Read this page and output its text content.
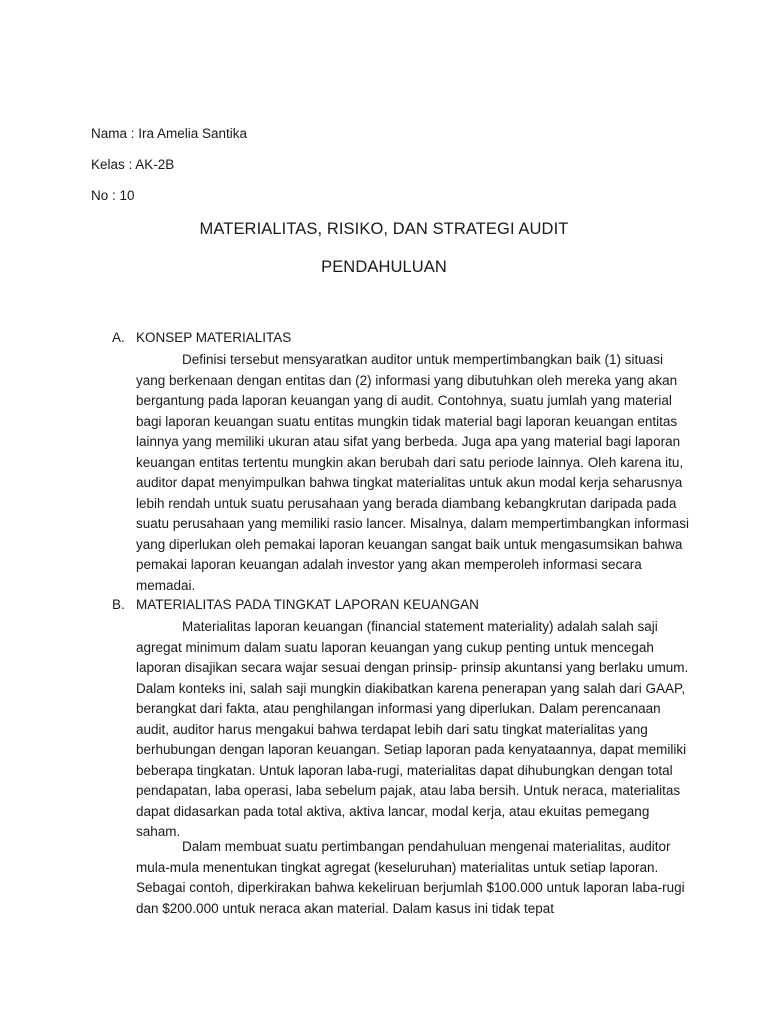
Nama : Ira Amelia Santika
Kelas : AK-2B
No : 10
MATERIALITAS, RISIKO, DAN STRATEGI AUDIT
PENDAHULUAN
A. KONSEP MATERIALITAS

Definisi tersebut mensyaratkan auditor untuk mempertimbangkan baik (1) situasi yang berkenaan dengan entitas dan (2) informasi yang dibutuhkan oleh mereka yang akan bergantung pada laporan keuangan yang di audit. Contohnya, suatu jumlah yang material bagi laporan keuangan suatu entitas mungkin tidak material bagi laporan keuangan entitas lainnya yang memiliki ukuran atau sifat yang berbeda. Juga apa yang material bagi laporan keuangan entitas tertentu mungkin akan berubah dari satu periode lainnya. Oleh karena itu, auditor dapat menyimpulkan bahwa tingkat materialitas untuk akun modal kerja seharusnya lebih rendah untuk suatu perusahaan yang berada diambang kebangkrutan daripada pada suatu perusahaan yang memiliki rasio lancer. Misalnya, dalam mempertimbangkan informasi yang diperlukan oleh pemakai laporan keuangan sangat baik untuk mengasumsikan bahwa pemakai laporan keuangan adalah investor yang akan memperoleh informasi secara memadai.

B. MATERIALITAS PADA TINGKAT LAPORAN KEUANGAN

Materialitas laporan keuangan (financial statement materiality) adalah salah saji agregat minimum dalam suatu laporan keuangan yang cukup penting untuk mencegah laporan disajikan secara wajar sesuai dengan prinsip- prinsip akuntansi yang berlaku umum. Dalam konteks ini, salah saji mungkin diakibatkan karena penerapan yang salah dari GAAP, berangkat dari fakta, atau penghilangan informasi yang diperlukan. Dalam perencanaan audit, auditor harus mengakui bahwa terdapat lebih dari satu tingkat materialitas yang berhubungan dengan laporan keuangan. Setiap laporan pada kenyataannya, dapat memiliki beberapa tingkatan. Untuk laporan laba-rugi, materialitas dapat dihubungkan dengan total pendapatan, laba operasi, laba sebelum pajak, atau laba bersih. Untuk neraca, materialitas dapat didasarkan pada total aktiva, aktiva lancar, modal kerja, atau ekuitas pemegang saham.

Dalam membuat suatu pertimbangan pendahuluan mengenai materialitas, auditor mula-mula menentukan tingkat agregat (keseluruhan) materialitas untuk setiap laporan. Sebagai contoh, diperkirakan bahwa kekeliruan berjumlah $100.000 untuk laporan laba-rugi dan $200.000 untuk neraca akan material. Dalam kasus ini tidak tepat
